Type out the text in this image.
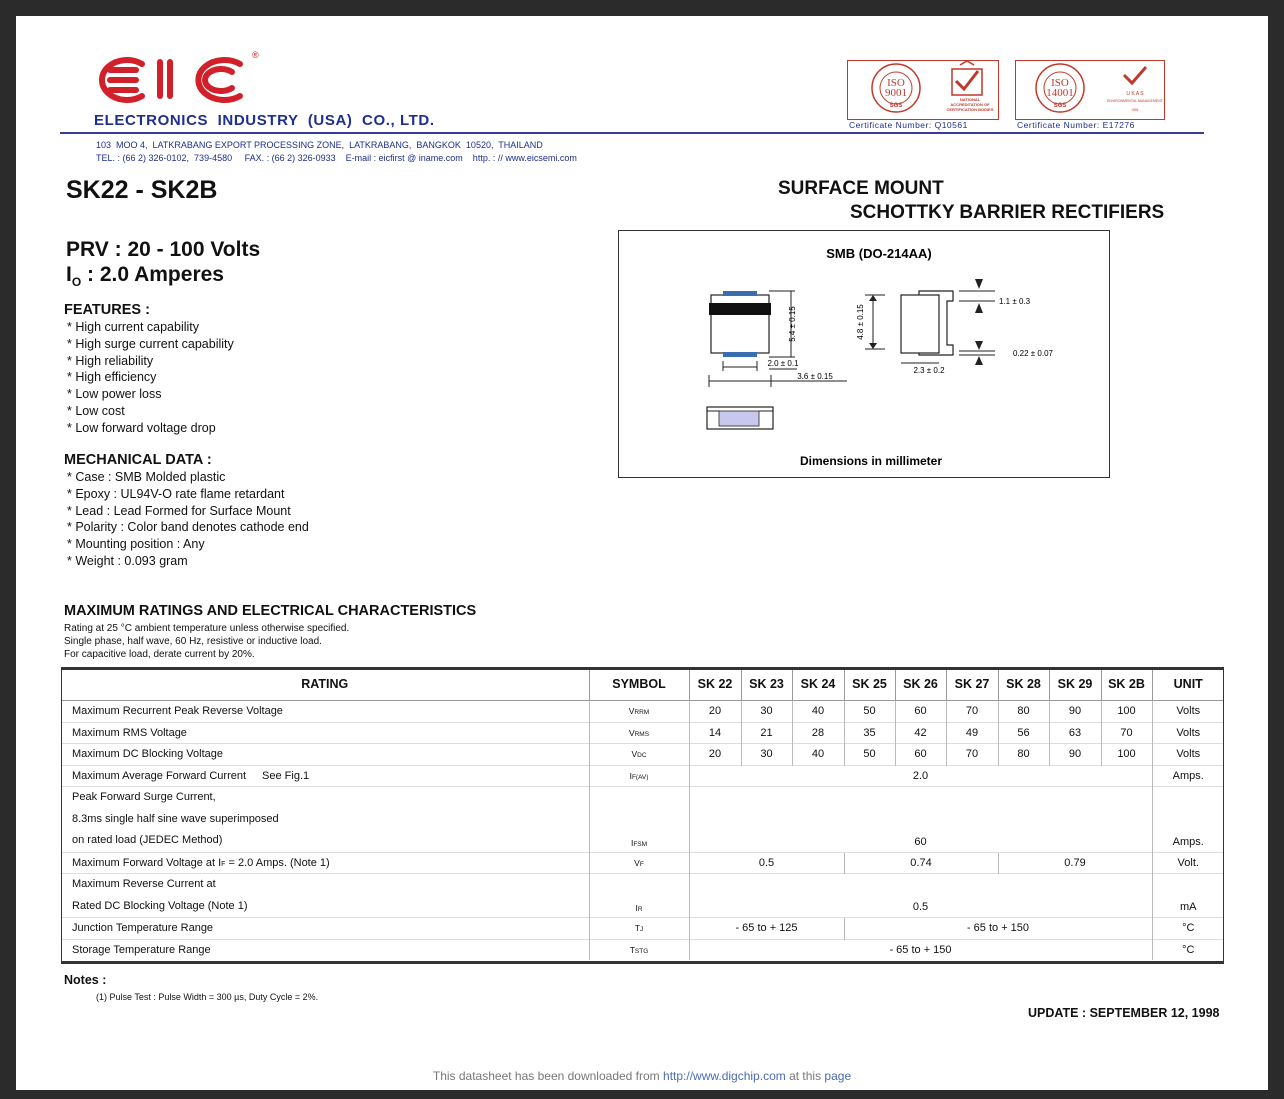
®
ELECTRONICS  INDUSTRY  (USA)  CO., LTD.
ISO
9001
SGS
NATIONAL ACCREDITATION OF CERTIFICATION BODIES
Certificate Number: Q10561
ISO
14001
SGS
U K A S
ENVIRONMENTAL MANAGEMENT
005
Certificate Number: E17276
103  MOO 4,  LATKRABANG EXPORT PROCESSING ZONE,  LATKRABANG,  BANGKOK  10520,  THAILAND
TEL. : (66 2) 326-0102,  739-4580     FAX. : (66 2) 326-0933    E-mail : eicfirst @ iname.com    http. : // www.eicsemi.com
SK22 - SK2B	SURFACE MOUNT
SCHOTTKY BARRIER RECTIFIERS
PRV : 20 - 100 Volts
$I_O$ : 2.0 Amperes
FEATURES :
* High current capability
* High surge current capability
* High reliability
* High efficiency
* Low power loss
* Low cost
* Low forward voltage drop
MECHANICAL DATA :
* Case : SMB Molded plastic
* Epoxy : UL94V-O rate flame retardant
* Lead : Lead Formed for Surface Mount
* Polarity : Color band denotes cathode end
* Mounting position : Any
* Weight : 0.093 gram
SMB (DO-214AA)
5.4 ± 0.15
2.0 ± 0.1
3.6 ± 0.15
4.8 ± 0.15
2.3 ± 0.2
1.1 ± 0.3
0.22 ± 0.07
Dimensions in millimeter
MAXIMUM RATINGS AND ELECTRICAL CHARACTERISTICS
Rating at 25 °C ambient temperature unless otherwise specified.
Single phase, half wave, 60 Hz, resistive or inductive load.
For capacitive load, derate current by 20%.
RATING	SYMBOL	SK 22	SK 23	SK 24	SK 25	SK 26	SK 27	SK 28	SK 29	SK 2B	UNIT
Maximum Recurrent Peak Reverse Voltage	VRRM	20	30	40	50	60	70	80	90	100	Volts
Maximum RMS Voltage	VRMS	14	21	28	35	42	49	56	63	70	Volts
Maximum DC Blocking Voltage	VDC	20	30	40	50	60	70	80	90	100	Volts
Maximum Average Forward Current See Fig.1	IF(AV)	2.0									Amps.

Peak Forward Surge Current,
8.3ms single half sine wave superimposed
on rated load (JEDEC Method)	IFSM	60									Amps.
Maximum Forward Voltage at IF = 2.0 Amps. (Note 1)	VF	0.5			0.74			0.79			Volt.

Maximum Reverse Current at
Rated DC Blocking Voltage (Note 1)	IR	0.5									mA
Junction Temperature Range	TJ	- 65 to + 125			- 65 to + 150						°C
Storage Temperature Range	TSTG	- 65 to + 150									°C
Notes :
(1) Pulse Test : Pulse Width = 300 µs, Duty Cycle = 2%.
UPDATE : SEPTEMBER 12, 1998
This datasheet has been downloaded from http://www.digchip.com at this page
